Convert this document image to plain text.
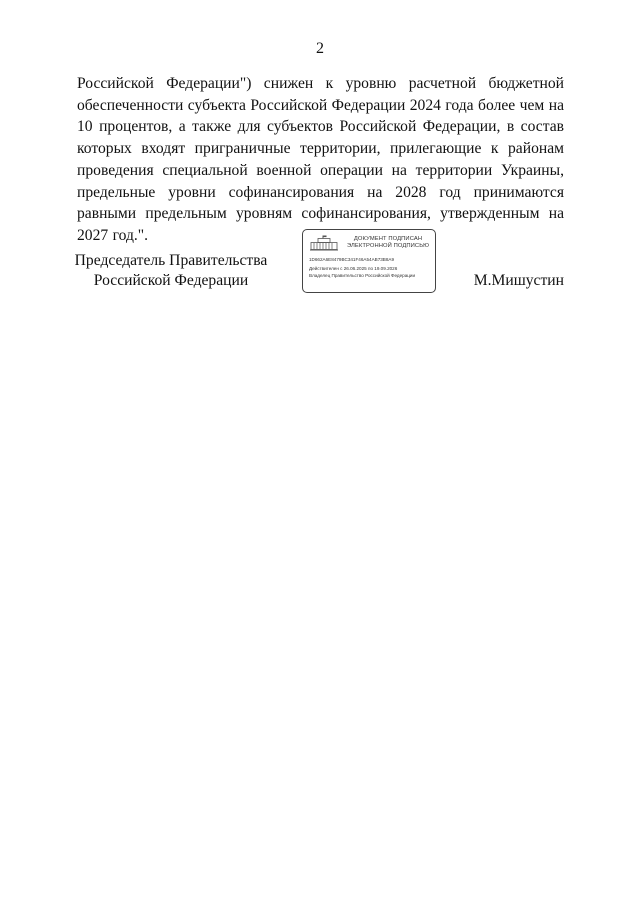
2
Российской Федерации") снижен к уровню расчетной бюджетной обеспеченности субъекта Российской Федерации 2024 года более чем на 10 процентов, а также для субъектов Российской Федерации, в состав которых входят приграничные территории, прилегающие к районам проведения специальной военной операции на территории Украины, предельные уровни софинансирования на 2028 год принимаются равными предельным уровням софинансирования, утвержденным на 2027 год.".
Председатель Правительства
Российской Федерации
ДОКУМЕНТ ПОДПИСАН
ЭЛЕКТРОННОЙ ПОДПИСЬЮ
1D662A6E8479BC341F46A54AB73B8A9
Действителен с 26.06.2025 по 19.09.2026
Владелец Правительство Российской Федерации	М.Мишустин
